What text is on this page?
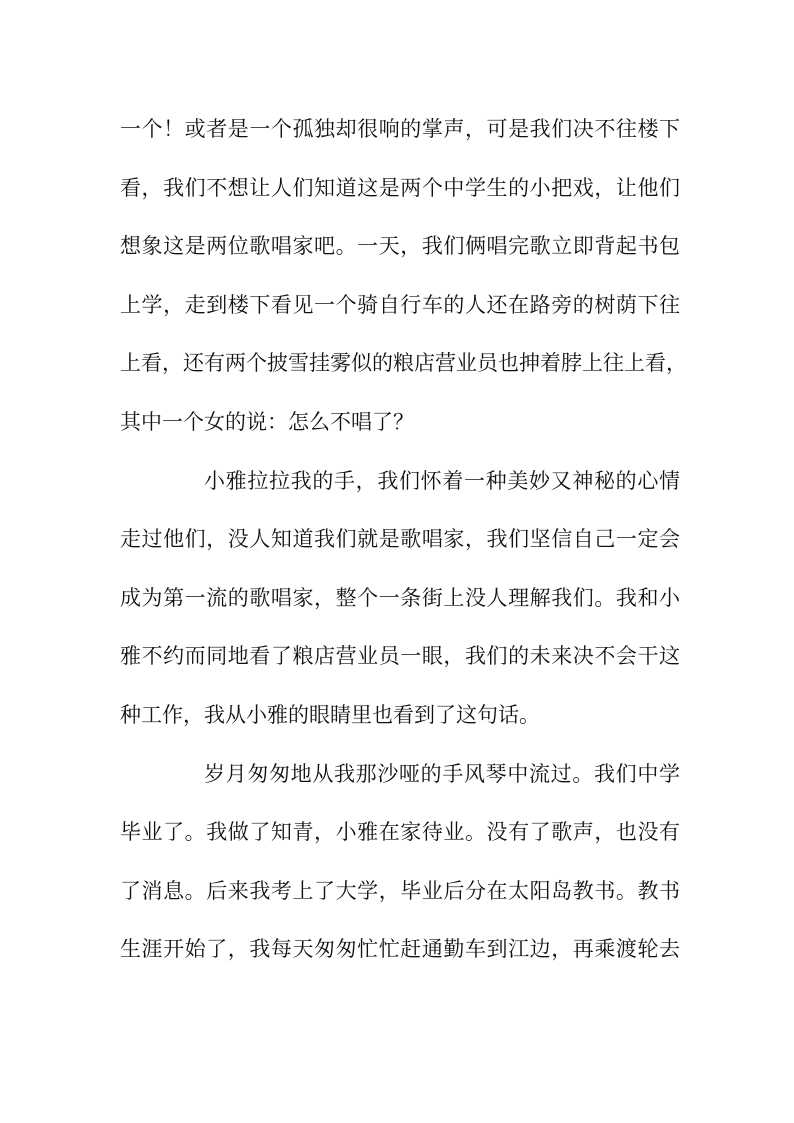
一个！或者是一个孤独却很响的掌声，可是我们决不往楼下
看，我们不想让人们知道这是两个中学生的小把戏，让他们
想象这是两位歌唱家吧。一天，我们俩唱完歌立即背起书包
上学，走到楼下看见一个骑自行车的人还在路旁的树荫下往
上看，还有两个披雪挂雾似的粮店营业员也抻着脖上往上看，
其中一个女的说：怎么不唱了？
小雅拉拉我的手，我们怀着一种美妙又神秘的心情
走过他们，没人知道我们就是歌唱家，我们坚信自己一定会
成为第一流的歌唱家，整个一条街上没人理解我们。我和小
雅不约而同地看了粮店营业员一眼，我们的未来决不会干这
种工作，我从小雅的眼睛里也看到了这句话。
岁月匆匆地从我那沙哑的手风琴中流过。我们中学
毕业了。我做了知青，小雅在家待业。没有了歌声，也没有
了消息。后来我考上了大学，毕业后分在太阳岛教书。教书
生涯开始了，我每天匆匆忙忙赶通勤车到江边，再乘渡轮去
